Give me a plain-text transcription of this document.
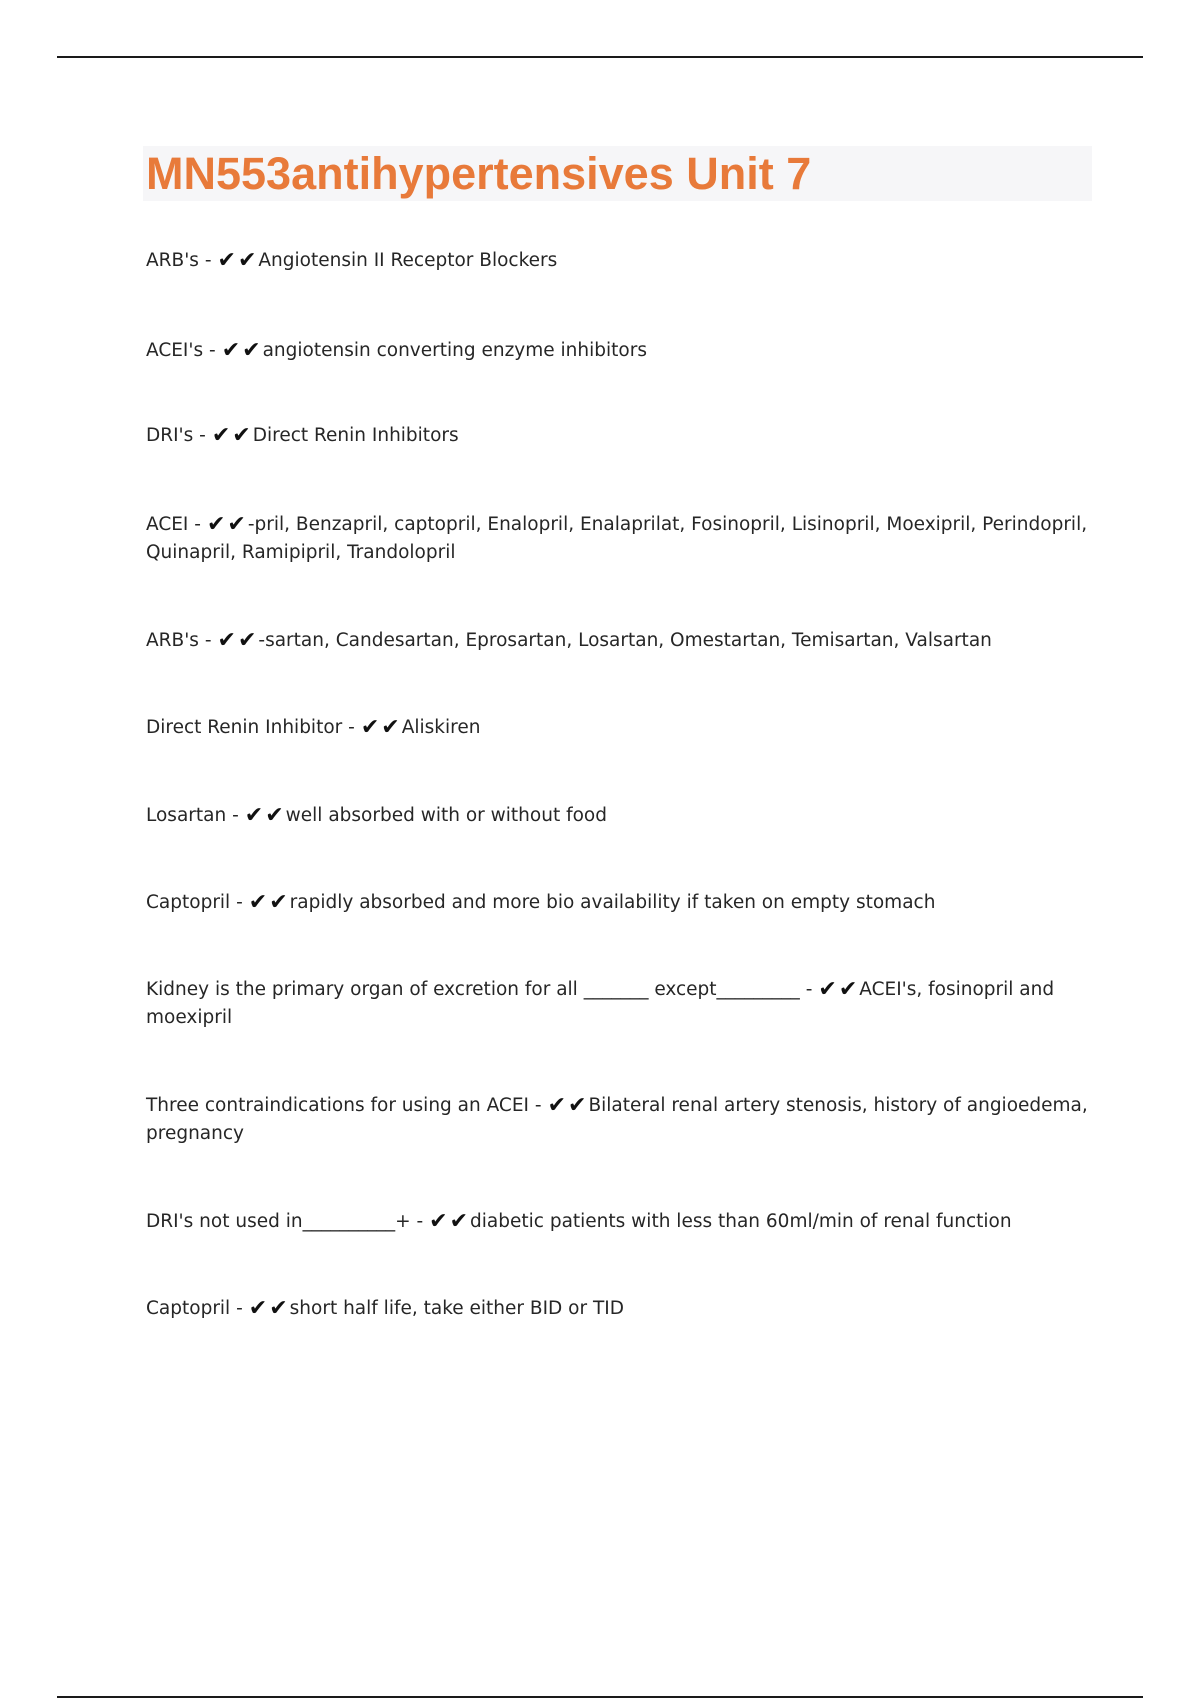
MN553antihypertensives Unit 7
ARB's - ✔✔ Angiotensin II Receptor Blockers
ACEI's - ✔✔ angiotensin converting enzyme inhibitors
DRI's - ✔✔ Direct Renin Inhibitors
ACEI - ✔✔ -pril, Benzapril, captopril, Enalopril, Enalaprilat, Fosinopril, Lisinopril, Moexipril, Perindopril, Quinapril, Ramipipril, Trandolopril
ARB's - ✔✔ -sartan, Candesartan, Eprosartan, Losartan, Omestartan, Temisartan, Valsartan
Direct Renin Inhibitor - ✔✔ Aliskiren
Losartan - ✔✔ well absorbed with or without food
Captopril - ✔✔ rapidly absorbed and more bio availability if taken on empty stomach
Kidney is the primary organ of excretion for all _______ except_________ - ✔✔ ACEI's, fosinopril and moexipril
Three contraindications for using an ACEI - ✔✔ Bilateral renal artery stenosis, history of angioedema, pregnancy
DRI's not used in__________+ - ✔✔ diabetic patients with less than 60ml/min of renal function
Captopril - ✔✔ short half life, take either BID or TID
